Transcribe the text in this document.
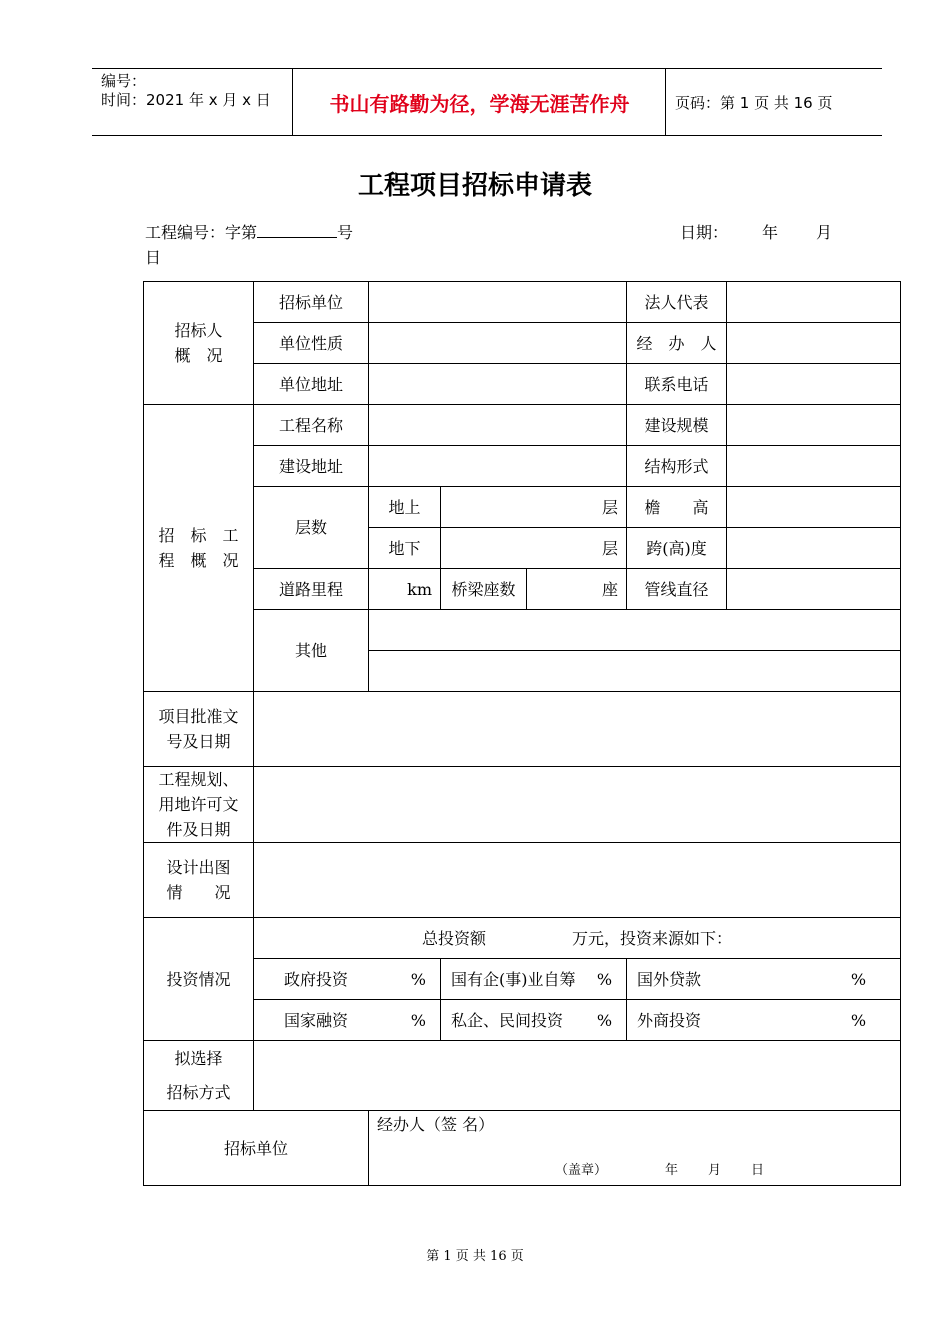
编号：
时间：2021 年 x 月 x 日	书山有路勤为径，学海无涯苦作舟	页码：第 1 页 共 16 页
工程项目招标申请表
工程编号：字第	号	日期： 年 月
日
招标人
概　况	招标单位				法人代表	
	单位性质				经　办　人	
	单位地址				联系电话	

招　标　工
程　概　况	工程名称				建设规模	
	建设地址				结构形式	
	层数	地上	层		檐　　高	
		地下	层		跨(高)度	
	道路里程	km	桥梁座数	座	管线直径	
	其他					

项目批准文
号及日期						

工程规划、
用地许可文
件及日期						

设计出图
情　　况						

投资情况	总投资额 万元，投资来源如下：					

	政府投资 %		国有企(事)业自筹 %		国外贷款 %	

	国家融资 %		私企、民间投资 %		外商投资 %	

拟选择
招标方式						

招标单位		经办人（签 名）
（盖章） 年 月 日				
第 1 页 共 16 页
